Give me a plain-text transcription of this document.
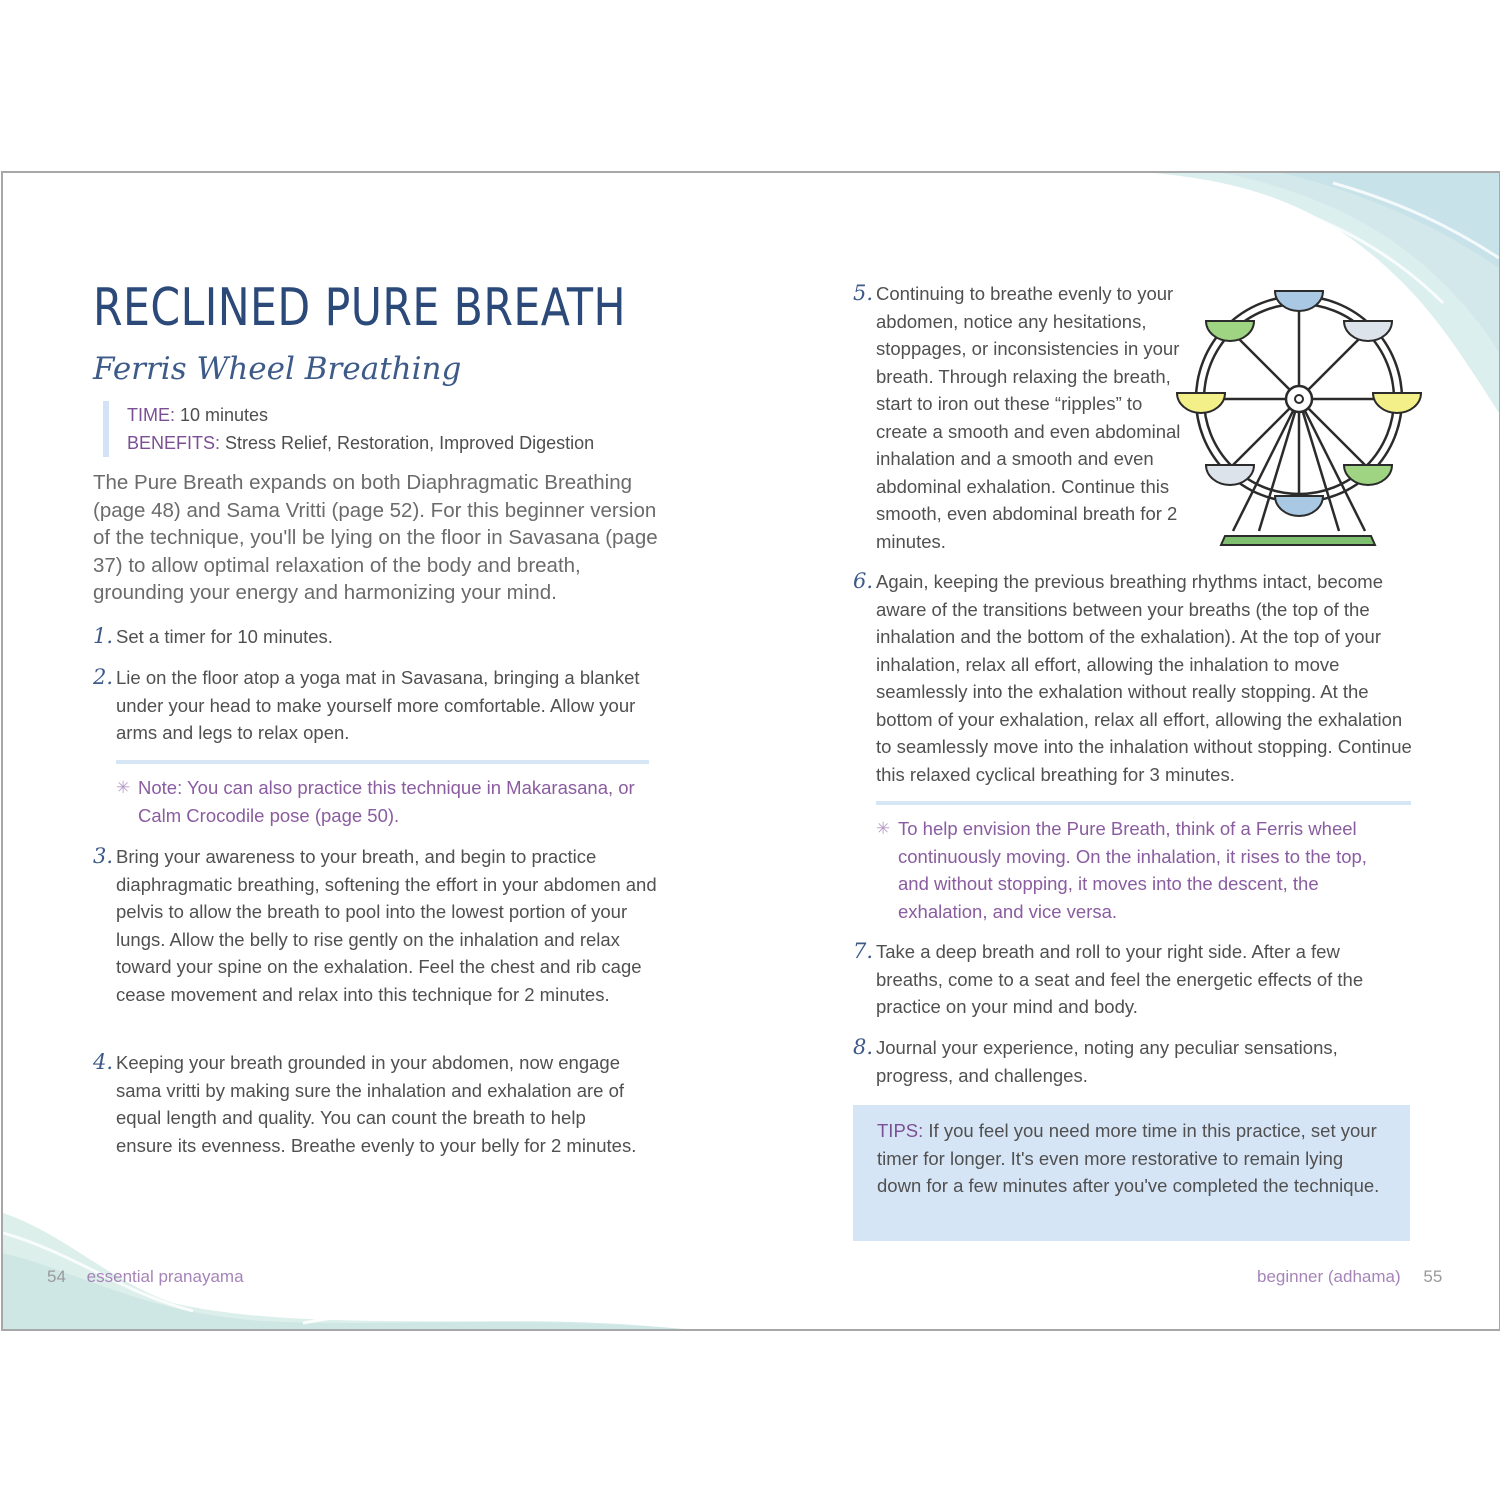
RECLINED PURE BREATH
Ferris Wheel Breathing
TIME: 10 minutes
BENEFITS: Stress Relief, Restoration, Improved Digestion
The Pure Breath expands on both Diaphragmatic Breathing (page 48) and Sama Vritti (page 52). For this beginner version of the technique, you'll be lying on the floor in Savasana (page 37) to allow optimal relaxation of the body and breath, grounding your energy and harmonizing your mind.
1. Set a timer for 10 minutes.
2. Lie on the floor atop a yoga mat in Savasana, bringing a blanket under your head to make yourself more comfortable. Allow your arms and legs to relax open.
✳ Note: You can also practice this technique in Makarasana, or Calm Crocodile pose (page 50).
3. Bring your awareness to your breath, and begin to practice diaphragmatic breathing, softening the effort in your abdomen and pelvis to allow the breath to pool into the lowest portion of your lungs. Allow the belly to rise gently on the inhalation and relax toward your spine on the exhalation. Feel the chest and rib cage cease movement and relax into this technique for 2 minutes.
4. Keeping your breath grounded in your abdomen, now engage sama vritti by making sure the inhalation and exhalation are of equal length and quality. You can count the breath to help ensure its evenness. Breathe evenly to your belly for 2 minutes.
54 essential pranayama
5. Continuing to breathe evenly to your abdomen, notice any hesitations, stoppages, or inconsistencies in your breath. Through relaxing the breath, start to iron out these “ripples” to create a smooth and even abdominal inhalation and a smooth and even abdominal exhalation. Continue this smooth, even abdominal breath for 2 minutes.
6. Again, keeping the previous breathing rhythms intact, become aware of the transitions between your breaths (the top of the inhalation and the bottom of the exhalation). At the top of your inhalation, relax all effort, allowing the inhalation to move seamlessly into the exhalation without really stopping. At the bottom of your exhalation, relax all effort, allowing the exhalation to seamlessly move into the inhalation without stopping. Continue this relaxed cyclical breathing for 3 minutes.
✳ To help envision the Pure Breath, think of a Ferris wheel continuously moving. On the inhalation, it rises to the top, and without stopping, it moves into the descent, the exhalation, and vice versa.
7. Take a deep breath and roll to your right side. After a few breaths, come to a seat and feel the energetic effects of the practice on your mind and body.
8. Journal your experience, noting any peculiar sensations, progress, and challenges.
TIPS: If you feel you need more time in this practice, set your timer for longer. It's even more restorative to remain lying down for a few minutes after you've completed the technique.
beginner (adhama) 55
